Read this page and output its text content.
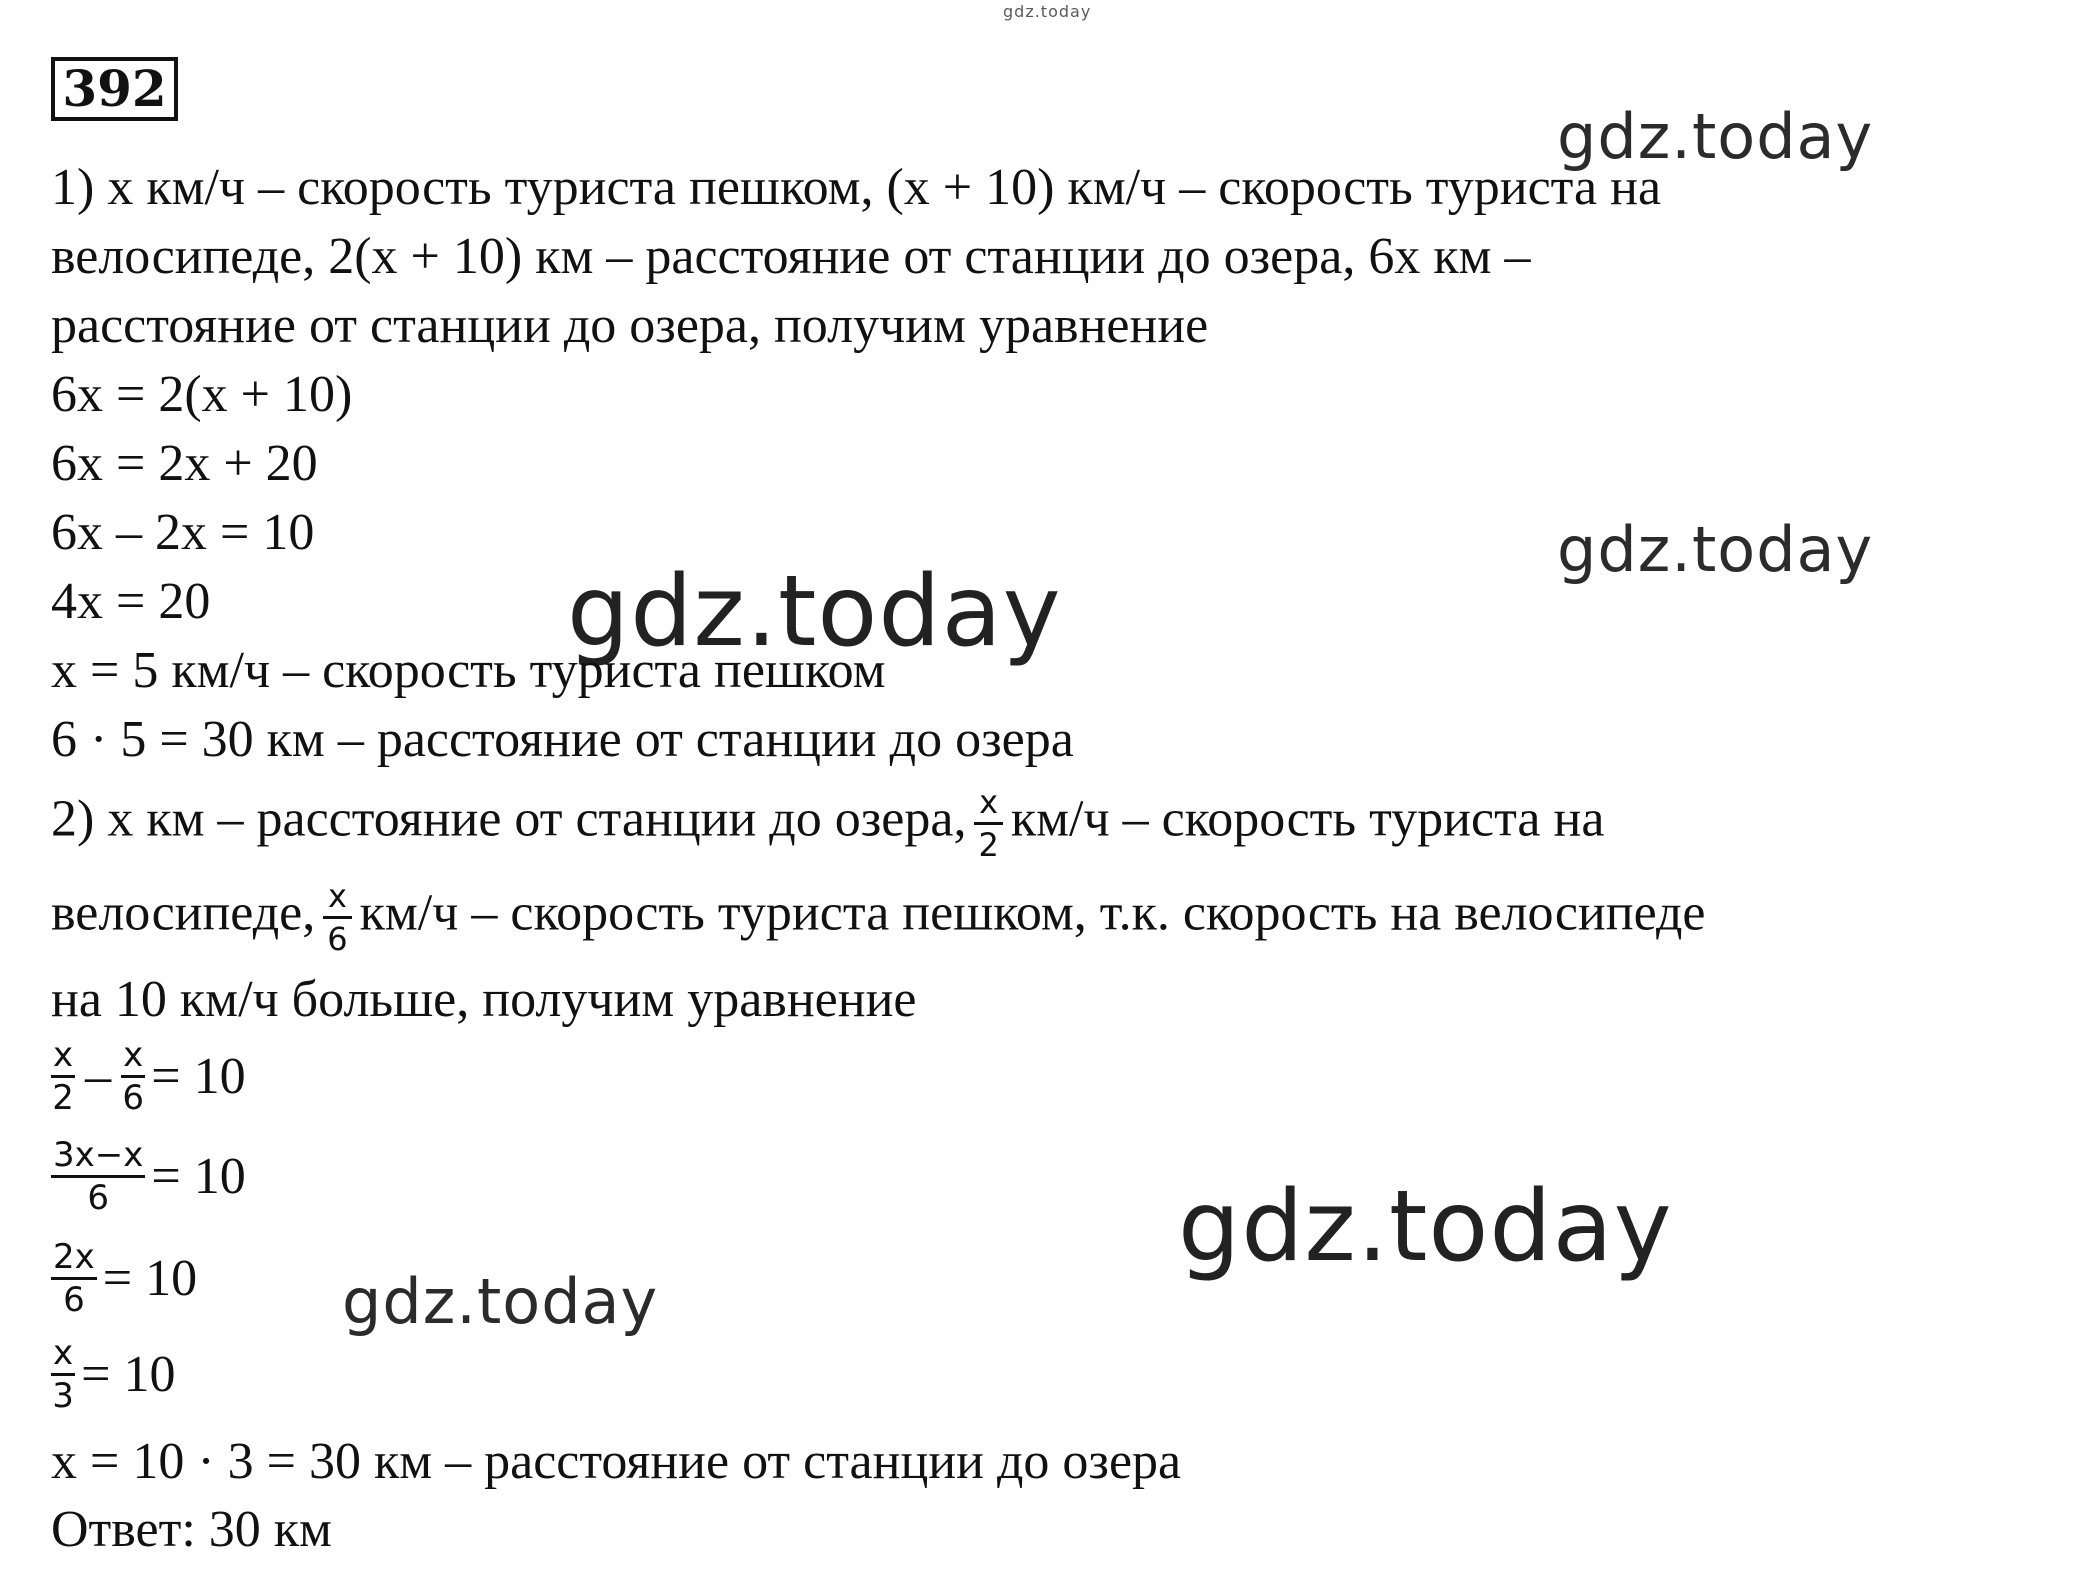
gdz.today
392
gdz.today
gdz.today
gdz.today
gdz.today
gdz.today
1) x км/ч – скорость туриста пешком, (x + 10) км/ч – скорость туриста на
велосипеде, 2(x + 10) км – расстояние от станции до озера, 6x км –
расстояние от станции до озера, получим уравнение
6x = 2(x + 10)
6x = 2x + 20
6x – 2x = 10
4x = 20
x = 5 км/ч – скорость туриста пешком
6 · 5 = 30 км – расстояние от станции до озера
2) x км – расстояние от станции до озера, $\frac{x}{2} км/ч$ – скорость туриста на
велосипеде, $\frac{x}{6} км/ч$ – скорость туриста пешком, т.к. скорость на велосипеде
на 10 км/ч больше, получим уравнение
$\frac{x}{2} - \frac{x}{6} = 10$
$\frac{3x-x}{6} = 10$
$\frac{2x}{6} = 10$
$\frac{x}{3} = 10$
x = 10 · 3 = 30 км – расстояние от станции до озера
Ответ: 30 км
